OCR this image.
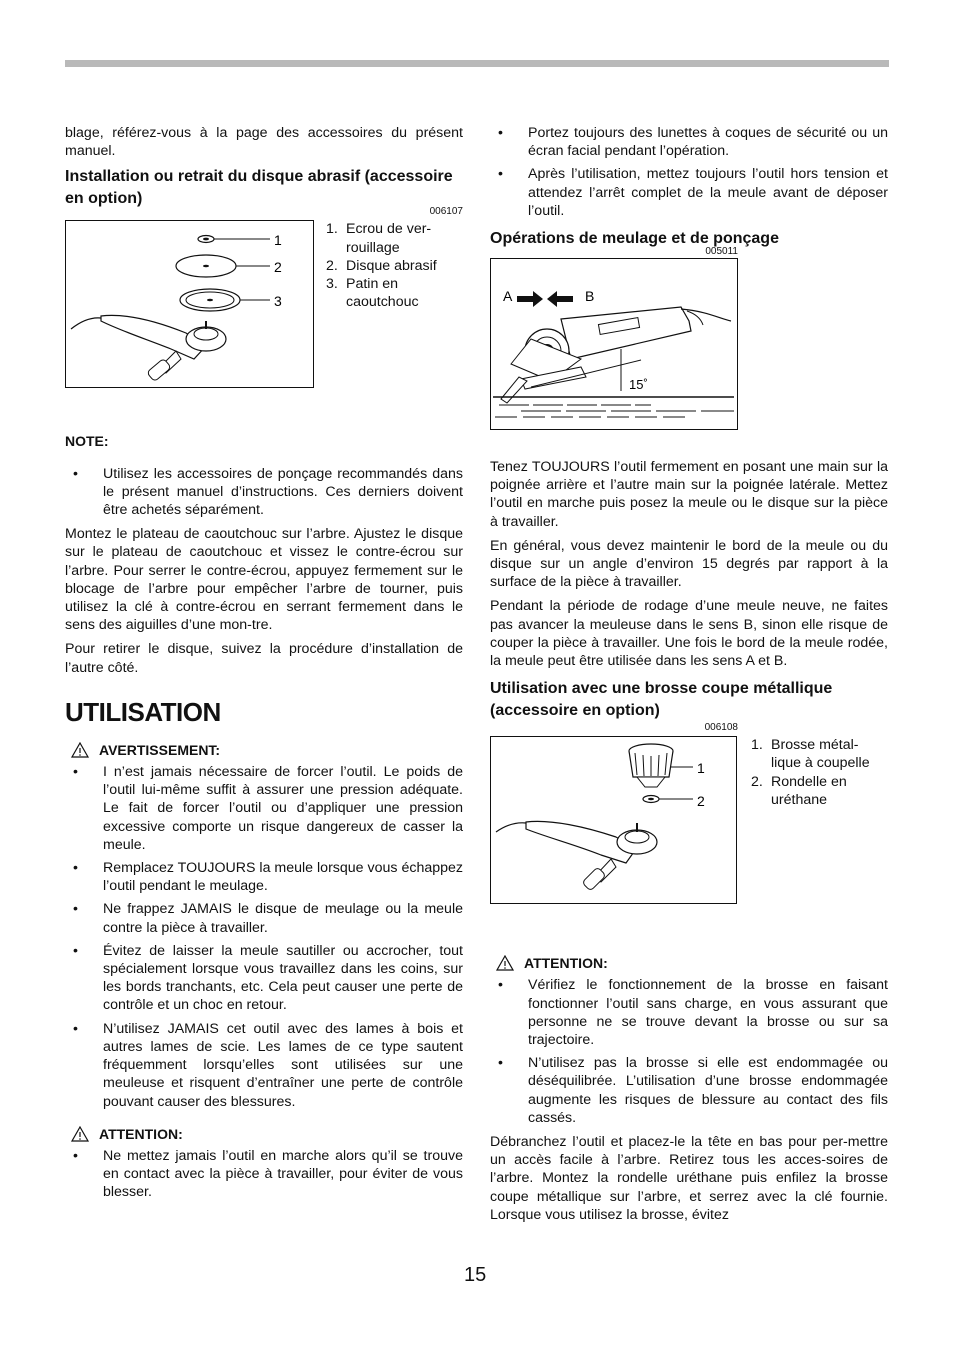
blage, référez-vous à la page des accessoires du présent manuel.

Installation ou retrait du disque abrasif (accessoire en option)
006107
1
2
3
1. Ecrou de ver-rouillage
2. Disque abrasif
3. Patin en caoutchouc
NOTE:
• Utilisez les accessoires de ponçage recommandés dans le présent manuel d’instructions. Ces derniers doivent être achetés séparément.

Montez le plateau de caoutchouc sur l’arbre. Ajustez le disque sur le plateau de caoutchouc et vissez le contre-écrou sur l’arbre. Pour serrer le contre-écrou, appuyez fermement sur le blocage de l’arbre pour empêcher l’arbre de tourner, puis utilisez la clé à contre-écrou en serrant fermement dans le sens des aiguilles d’une mon-tre.

Pour retirer le disque, suivez la procédure d’installation de l’autre côté.

UTILISATION
AVERTISSEMENT:
• I n’est jamais nécessaire de forcer l’outil. Le poids de l’outil lui-même suffit à assurer une pression adéquate. Le fait de forcer l’outil ou d’appliquer une pression excessive comporte un risque dangereux de casser la meule.
• Remplacez TOUJOURS la meule lorsque vous échappez l’outil pendant le meulage.
• Ne frappez JAMAIS le disque de meulage ou la meule contre la pièce à travailler.
• Évitez de laisser la meule sautiller ou accrocher, tout spécialement lorsque vous travaillez dans les coins, sur les bords tranchants, etc. Cela peut causer une perte de contrôle et un choc en retour.
• N’utilisez JAMAIS cet outil avec des lames à bois et autres lames de scie. Les lames de ce type sautent fréquemment lorsqu’elles sont utilisées sur une meuleuse et risquent d’entraîner une perte de contrôle pouvant causer des blessures.
ATTENTION:
• Ne mettez jamais l’outil en marche alors qu’il se trouve en contact avec la pièce à travailler, pour éviter de vous blesser.
• Portez toujours des lunettes à coques de sécurité ou un écran facial pendant l’opération.
• Après l’utilisation, mettez toujours l’outil hors tension et attendez l’arrêt complet de la meule avant de déposer l’outil.
Opérations de meulage et de ponçage
005011
A	B
15˚

Tenez TOUJOURS l’outil fermement en posant une main sur la poignée arrière et l’autre main sur la poignée latérale. Mettez l’outil en marche puis posez la meule ou le disque sur la pièce à travailler.

En général, vous devez maintenir le bord de la meule ou du disque sur un angle d’environ 15 degrés par rapport à la surface de la pièce à travailler.

Pendant la période de rodage d’une meule neuve, ne faites pas avancer la meuleuse dans le sens B, sinon elle risque de couper la pièce à travailler. Une fois le bord de la meule rodée, la meule peut être utilisée dans les sens A et B.

Utilisation avec une brosse coupe métallique (accessoire en option)
006108
1
2
1. Brosse métal-lique à coupelle
2. Rondelle en uréthane
ATTENTION:
• Vérifiez le fonctionnement de la brosse en faisant fonctionner l’outil sans charge, en vous assurant que personne ne se trouve devant la brosse ou sur sa trajectoire.
• N’utilisez pas la brosse si elle est endommagée ou déséquilibrée. L’utilisation d’une brosse endommagée augmente les risques de blessure au contact des fils cassés.

Débranchez l’outil et placez-le la tête en bas pour per-mettre un accès facile à l’arbre. Retirez tous les acces-soires de l’arbre. Montez la rondelle uréthane puis enfilez la brosse coupe métallique sur l’arbre, et serrez avec la clé fournie. Lorsque vous utilisez la brosse, évitez

15
